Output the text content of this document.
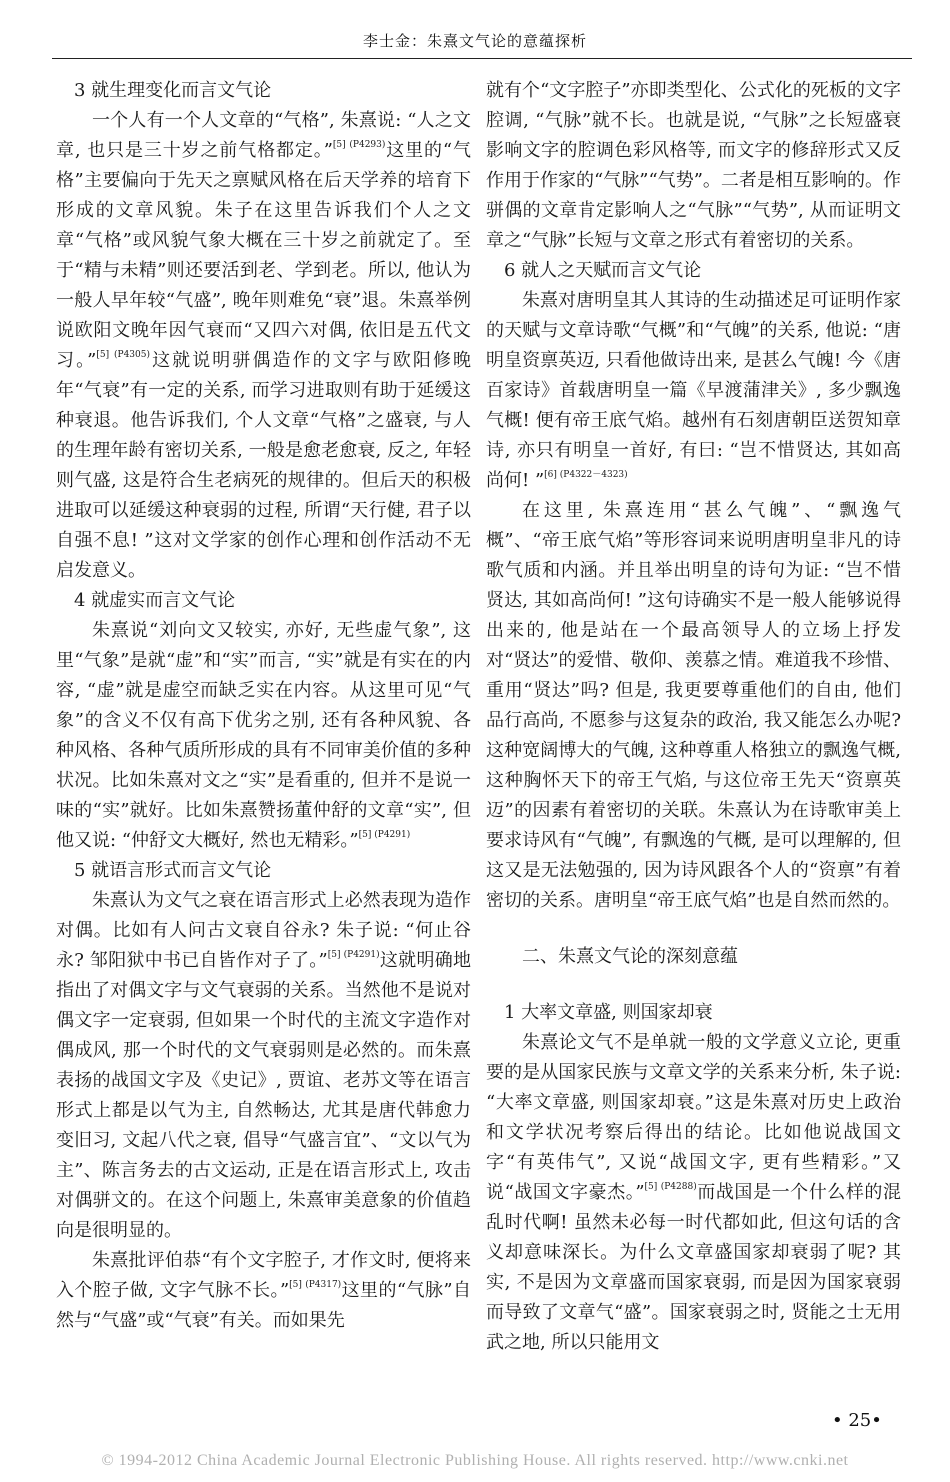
李士金：朱熹文气论的意蕴探析
3 就生理变化而言文气论

一个人有一个人文章的“气格”, 朱熹说: “人之文章, 也只是三十岁之前气格都定。”$^{[5] (P4293)}$这里的“气格”主要偏向于先天之禀赋风格在后天学养的培育下形成的文章风貌。朱子在这里告诉我们个人之文章“气格”或风貌气象大概在三十岁之前就定了。至于“精与未精”则还要活到老、学到老。所以, 他认为一般人早年较“气盛”, 晚年则难免“衰”退。朱熹举例说欧阳文晚年因气衰而“又四六对偶, 依旧是五代文习。”$^{[5] (P4305)}$这就说明骈偶造作的文字与欧阳修晚年“气衰”有一定的关系, 而学习进取则有助于延缓这种衰退。他告诉我们, 个人文章“气格”之盛衰, 与人的生理年龄有密切关系, 一般是愈老愈衰, 反之, 年轻则气盛, 这是符合生老病死的规律的。但后天的积极进取可以延缓这种衰弱的过程, 所谓“天行健, 君子以自强不息! ”这对文学家的创作心理和创作活动不无启发意义。

4 就虚实而言文气论

朱熹说“刘向文又较实, 亦好, 无些虚气象”, 这里“气象”是就“虚”和“实”而言, “实”就是有实在的内容, “虚”就是虚空而缺乏实在内容。从这里可见“气象”的含义不仅有高下优劣之别, 还有各种风貌、各种风格、各种气质所形成的具有不同审美价值的多种状况。比如朱熹对文之“实”是看重的, 但并不是说一味的“实”就好。比如朱熹赞扬董仲舒的文章“实”, 但他又说: “仲舒文大概好, 然也无精彩。”$^{[5] (P4291)}$

5 就语言形式而言文气论

朱熹认为文气之衰在语言形式上必然表现为造作对偶。比如有人问古文衰自谷永? 朱子说: “何止谷永? 邹阳狱中书已自皆作对子了。”$^{[5] (P4291)}$这就明确地指出了对偶文字与文气衰弱的关系。当然他不是说对偶文字一定衰弱, 但如果一个时代的主流文字造作对偶成风, 那一个时代的文气衰弱则是必然的。而朱熹表扬的战国文字及《史记》, 贾谊、老苏文等在语言形式上都是以气为主, 自然畅达, 尤其是唐代韩愈力变旧习, 文起八代之衰, 倡导“气盛言宜”、“文以气为主”、陈言务去的古文运动, 正是在语言形式上, 攻击对偶骈文的。在这个问题上, 朱熹审美意象的价值趋向是很明显的。

朱熹批评伯恭“有个文字腔子, 才作文时, 便将来入个腔子做, 文字气脉不长。”$^{[5] (P4317)}$这里的“气脉”自然与“气盛”或“气衰”有关。而如果先

就有个“文字腔子”亦即类型化、公式化的死板的文字腔调, “气脉”就不长。也就是说, “气脉”之长短盛衰影响文字的腔调色彩风格等, 而文字的修辞形式又反作用于作家的“气脉”“气势”。二者是相互影响的。作骈偶的文章肯定影响人之“气脉”“气势”, 从而证明文章之“气脉”长短与文章之形式有着密切的关系。

6 就人之天赋而言文气论

朱熹对唐明皇其人其诗的生动描述足可证明作家的天赋与文章诗歌“气概”和“气魄”的关系, 他说: “唐明皇资禀英迈, 只看他做诗出来, 是甚么气魄! 今《唐百家诗》首载唐明皇一篇《早渡蒲津关》, 多少飘逸气概! 便有帝王底气焰。越州有石刻唐朝臣送贺知章诗, 亦只有明皇一首好, 有曰: “岂不惜贤达, 其如高尚何! ”$^{[6] (P4322-4323)}$

在这里, 朱熹连用“甚么气魄”、“飘逸气概”、“帝王底气焰”等形容词来说明唐明皇非凡的诗歌气质和内涵。并且举出明皇的诗句为证: “岂不惜贤达, 其如高尚何! ”这句诗确实不是一般人能够说得出来的, 他是站在一个最高领导人的立场上抒发对“贤达”的爱惜、敬仰、羡慕之情。难道我不珍惜、重用“贤达”吗? 但是, 我更要尊重他们的自由, 他们品行高尚, 不愿参与这复杂的政治, 我又能怎么办呢? 这种宽阔博大的气魄, 这种尊重人格独立的飘逸气概, 这种胸怀天下的帝王气焰, 与这位帝王先天“资禀英迈”的因素有着密切的关联。朱熹认为在诗歌审美上要求诗风有“气魄”, 有飘逸的气概, 是可以理解的, 但这又是无法勉强的, 因为诗风跟各个人的“资禀”有着密切的关系。唐明皇“帝王底气焰”也是自然而然的。

二、朱熹文气论的深刻意蕴
1 大率文章盛, 则国家却衰

朱熹论文气不是单就一般的文学意义立论, 更重要的是从国家民族与文章文学的关系来分析, 朱子说: “大率文章盛, 则国家却衰。”这是朱熹对历史上政治和文学状况考察后得出的结论。比如他说战国文字“有英伟气”, 又说“战国文字, 更有些精彩。”又说“战国文字豪杰。”$^{[5] (P4288)}$而战国是一个什么样的混乱时代啊! 虽然未必每一时代都如此, 但这句话的含义却意味深长。为什么文章盛国家却衰弱了呢? 其实, 不是因为文章盛而国家衰弱, 而是因为国家衰弱而导致了文章气“盛”。国家衰弱之时, 贤能之士无用武之地, 所以只能用文

• 25•
© 1994-2012 China Academic Journal Electronic Publishing House. All rights reserved. http://www.cnki.net
